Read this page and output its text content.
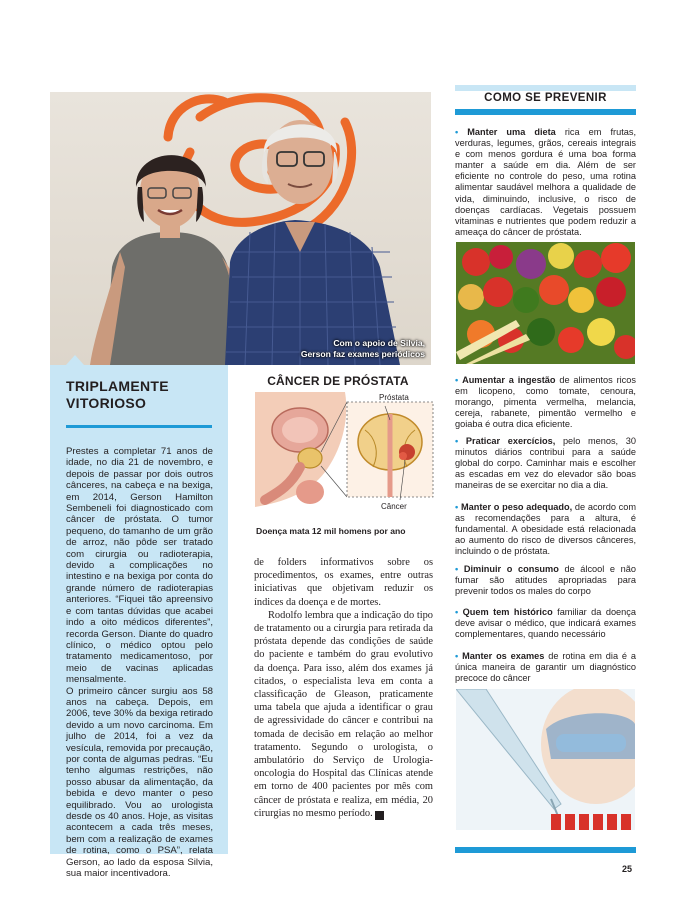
Com o apoio de Silvia,
Gerson faz exames periódicos
TRIPLAMENTE
VITORIOSO

Prestes a completar 71 anos de idade, no dia 21 de novembro, e depois de passar por dois outros cânceres, na cabeça e na bexiga, em 2014, Gerson Hamilton Sembeneli foi diagnosticado com câncer de próstata. O tumor pequeno, do tamanho de um grão de arroz, não pôde ser tratado com cirurgia ou radioterapia, devido a complicações no intestino e na bexiga por conta do grande número de radioterapias anteriores. “Fiquei tão apreensivo e com tantas dúvidas que acabei indo a oito médicos diferentes”, recorda Gerson. Diante do quadro clínico, o médico optou pelo tratamento medicamentoso, por meio de vacinas aplicadas mensalmente.

O primeiro câncer surgiu aos 58 anos na cabeça. Depois, em 2006, teve 30% da bexiga retirado devido a um novo carcinoma. Em julho de 2014, foi a vez da vesícula, removida por precaução, por conta de algumas pedras. “Eu tenho algumas restrições, não posso abusar da alimentação, da bebida e devo manter o peso equilibrado. Vou ao urologista desde os 40 anos. Hoje, as visitas acontecem a cada três meses, bem com a realização de exames de rotina, como o PSA”, relata Gerson, ao lado da esposa Silvia, sua maior incentivadora.

CÂNCER DE PRÓSTATA
Próstata
Câncer
Doença mata 12 mil homens por ano

de folders informativos sobre os procedimentos, os exames, entre outras iniciativas que objetivam reduzir os índices da doença e de mortes.

Rodolfo lembra que a indicação do tipo de tratamento ou a cirurgia para retirada da próstata depende das condições de saúde do paciente e também do grau evolutivo da doença. Para isso, além dos exames já citados, o especialista leva em conta a classificação de Gleason, praticamente uma tabela que ajuda a identificar o grau de agressividade do câncer e contribui na tomada de decisão em relação ao melhor tratamento. Segundo o urologista, o ambulatório do Serviço de Urologia-oncologia do Hospital das Clínicas atende em torno de 400 pacientes por mês com câncer de próstata e realiza, em média, 20 cirurgias no mesmo período. r

COMO SE PREVENIR
• Manter uma dieta rica em frutas, verduras, legumes, grãos, cereais integrais e com menos gordura é uma boa forma manter a saúde em dia. Além de ser eficiente no controle do peso, uma rotina alimentar saudável melhora a qualidade de vida, diminuindo, inclusive, o risco de doenças cardíacas. Vegetais possuem vitaminas e nutrientes que podem reduzir a ameaça do câncer de próstata.
• Aumentar a ingestão de alimentos ricos em licopeno, como tomate, cenoura, morango, pimenta vermelha, melancia, cereja, rabanete, pimentão vermelho e goiaba é outra dica eficiente.
• Praticar exercícios, pelo menos, 30 minutos diários contribui para a saúde global do corpo. Caminhar mais e escolher as escadas em vez do elevador são boas maneiras de se exercitar no dia a dia.
• Manter o peso adequado, de acordo com as recomendações para a altura, é fundamental. A obesidade está relacionada ao aumento do risco de diversos cânceres, incluindo o de próstata.
• Diminuir o consumo de álcool e não fumar são atitudes apropriadas para prevenir todos os males do corpo
• Quem tem histórico familiar da doença deve avisar o médico, que indicará exames complementares, quando necessário
• Manter os exames de rotina em dia é a única maneira de garantir um diagnóstico precoce do câncer
25
